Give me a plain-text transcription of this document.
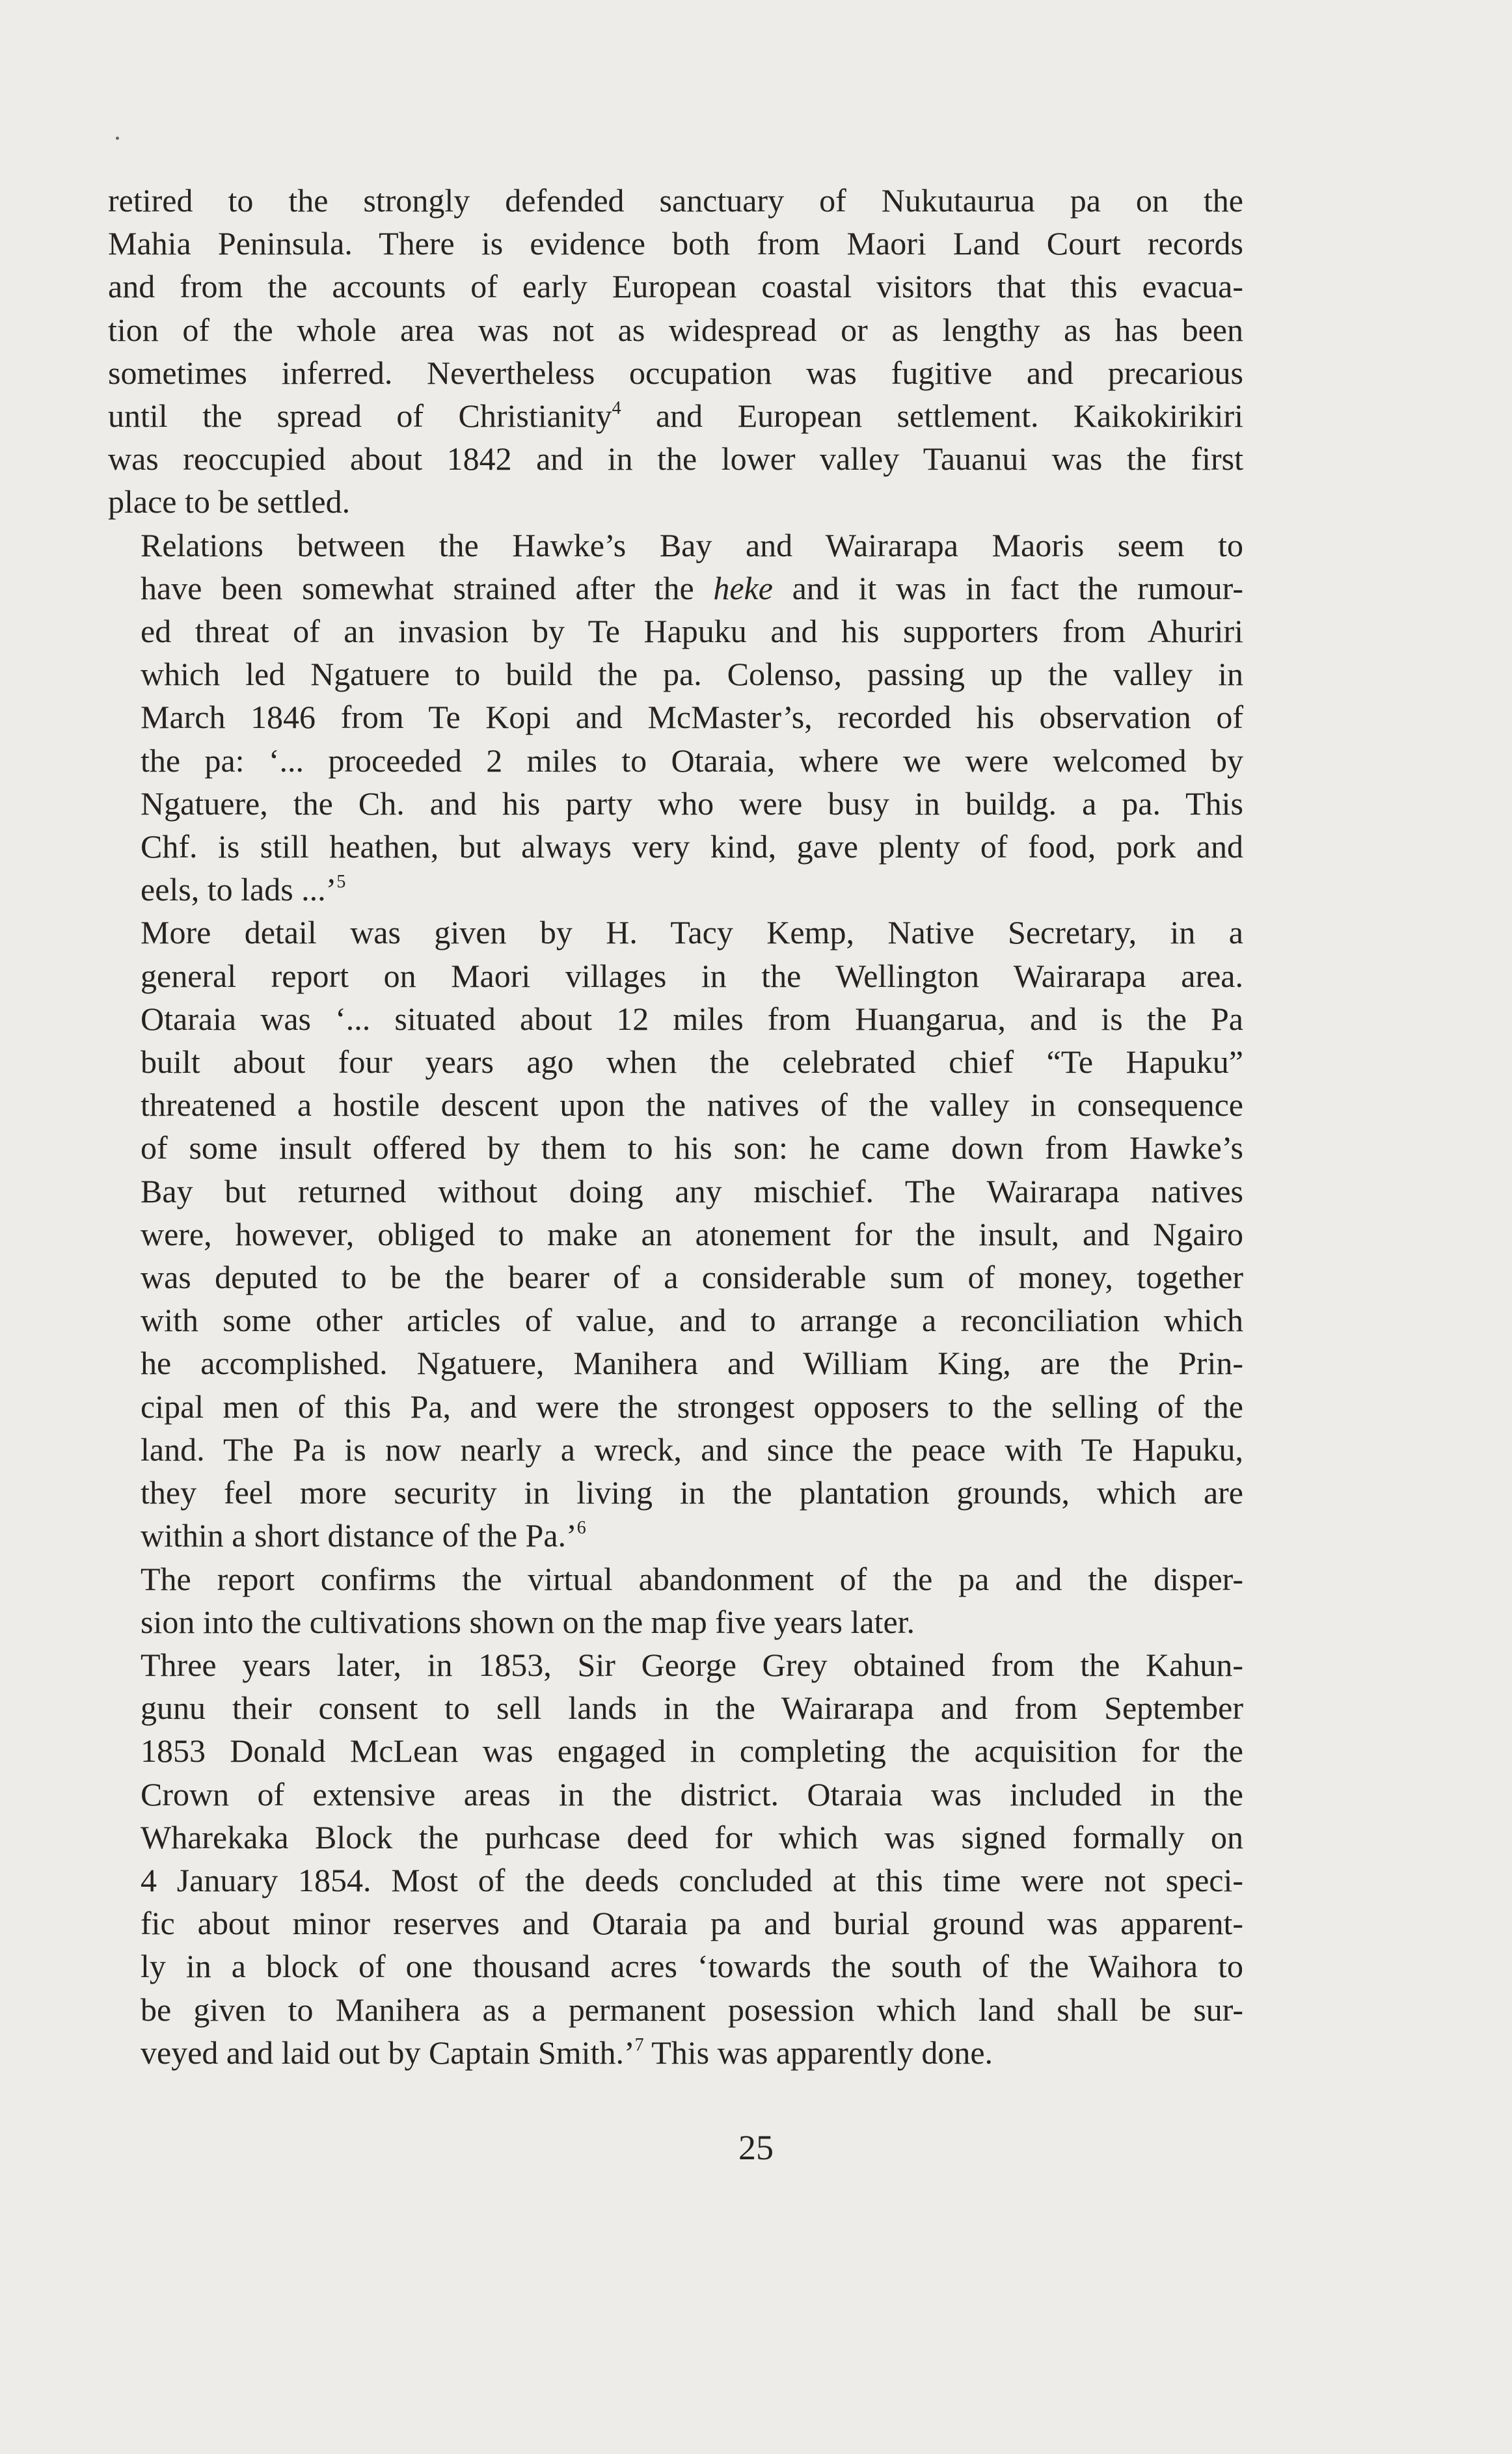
retired to the strongly defended sanctuary of Nukutaurua pa on the
Mahia Peninsula. There is evidence both from Maori Land Court records
and from the accounts of early European coastal visitors that this evacua-
tion of the whole area was not as widespread or as lengthy as has been
sometimes inferred. Nevertheless occupation was fugitive and precarious
until the spread of Christianity$^4$ and European settlement. Kaikokirikiri
was reoccupied about 1842 and in the lower valley Tauanui was the first
place to be settled.

Relations between the Hawke’s Bay and Wairarapa Maoris seem to
have been somewhat strained after the heke and it was in fact the rumour-
ed threat of an invasion by Te Hapuku and his supporters from Ahuriri
which led Ngatuere to build the pa. Colenso, passing up the valley in
March 1846 from Te Kopi and McMaster’s, recorded his observation of
the pa: ‘... proceeded 2 miles to Otaraia, where we were welcomed by
Ngatuere, the Ch. and his party who were busy in buildg. a pa. This
Chf. is still heathen, but always very kind, gave plenty of food, pork and
eels, to lads ...’$^5$

More detail was given by H. Tacy Kemp, Native Secretary, in a
general report on Maori villages in the Wellington Wairarapa area.
Otaraia was ‘... situated about 12 miles from Huangarua, and is the Pa
built about four years ago when the celebrated chief “Te Hapuku”
threatened a hostile descent upon the natives of the valley in consequence
of some insult offered by them to his son: he came down from Hawke’s
Bay but returned without doing any mischief. The Wairarapa natives
were, however, obliged to make an atonement for the insult, and Ngairo
was deputed to be the bearer of a considerable sum of money, together
with some other articles of value, and to arrange a reconciliation which
he accomplished. Ngatuere, Manihera and William King, are the Prin-
cipal men of this Pa, and were the strongest opposers to the selling of the
land. The Pa is now nearly a wreck, and since the peace with Te Hapuku,
they feel more security in living in the plantation grounds, which are
within a short distance of the Pa.’$^6$

The report confirms the virtual abandonment of the pa and the disper-
sion into the cultivations shown on the map five years later.

Three years later, in 1853, Sir George Grey obtained from the Kahun-
gunu their consent to sell lands in the Wairarapa and from September
1853 Donald McLean was engaged in completing the acquisition for the
Crown of extensive areas in the district. Otaraia was included in the
Wharekaka Block the purhcase deed for which was signed formally on
4 January 1854. Most of the deeds concluded at this time were not speci-
fic about minor reserves and Otaraia pa and burial ground was apparent-
ly in a block of one thousand acres ‘towards the south of the Waihora to
be given to Manihera as a permanent posession which land shall be sur-
veyed and laid out by Captain Smith.’$^7$ This was apparently done.

25
